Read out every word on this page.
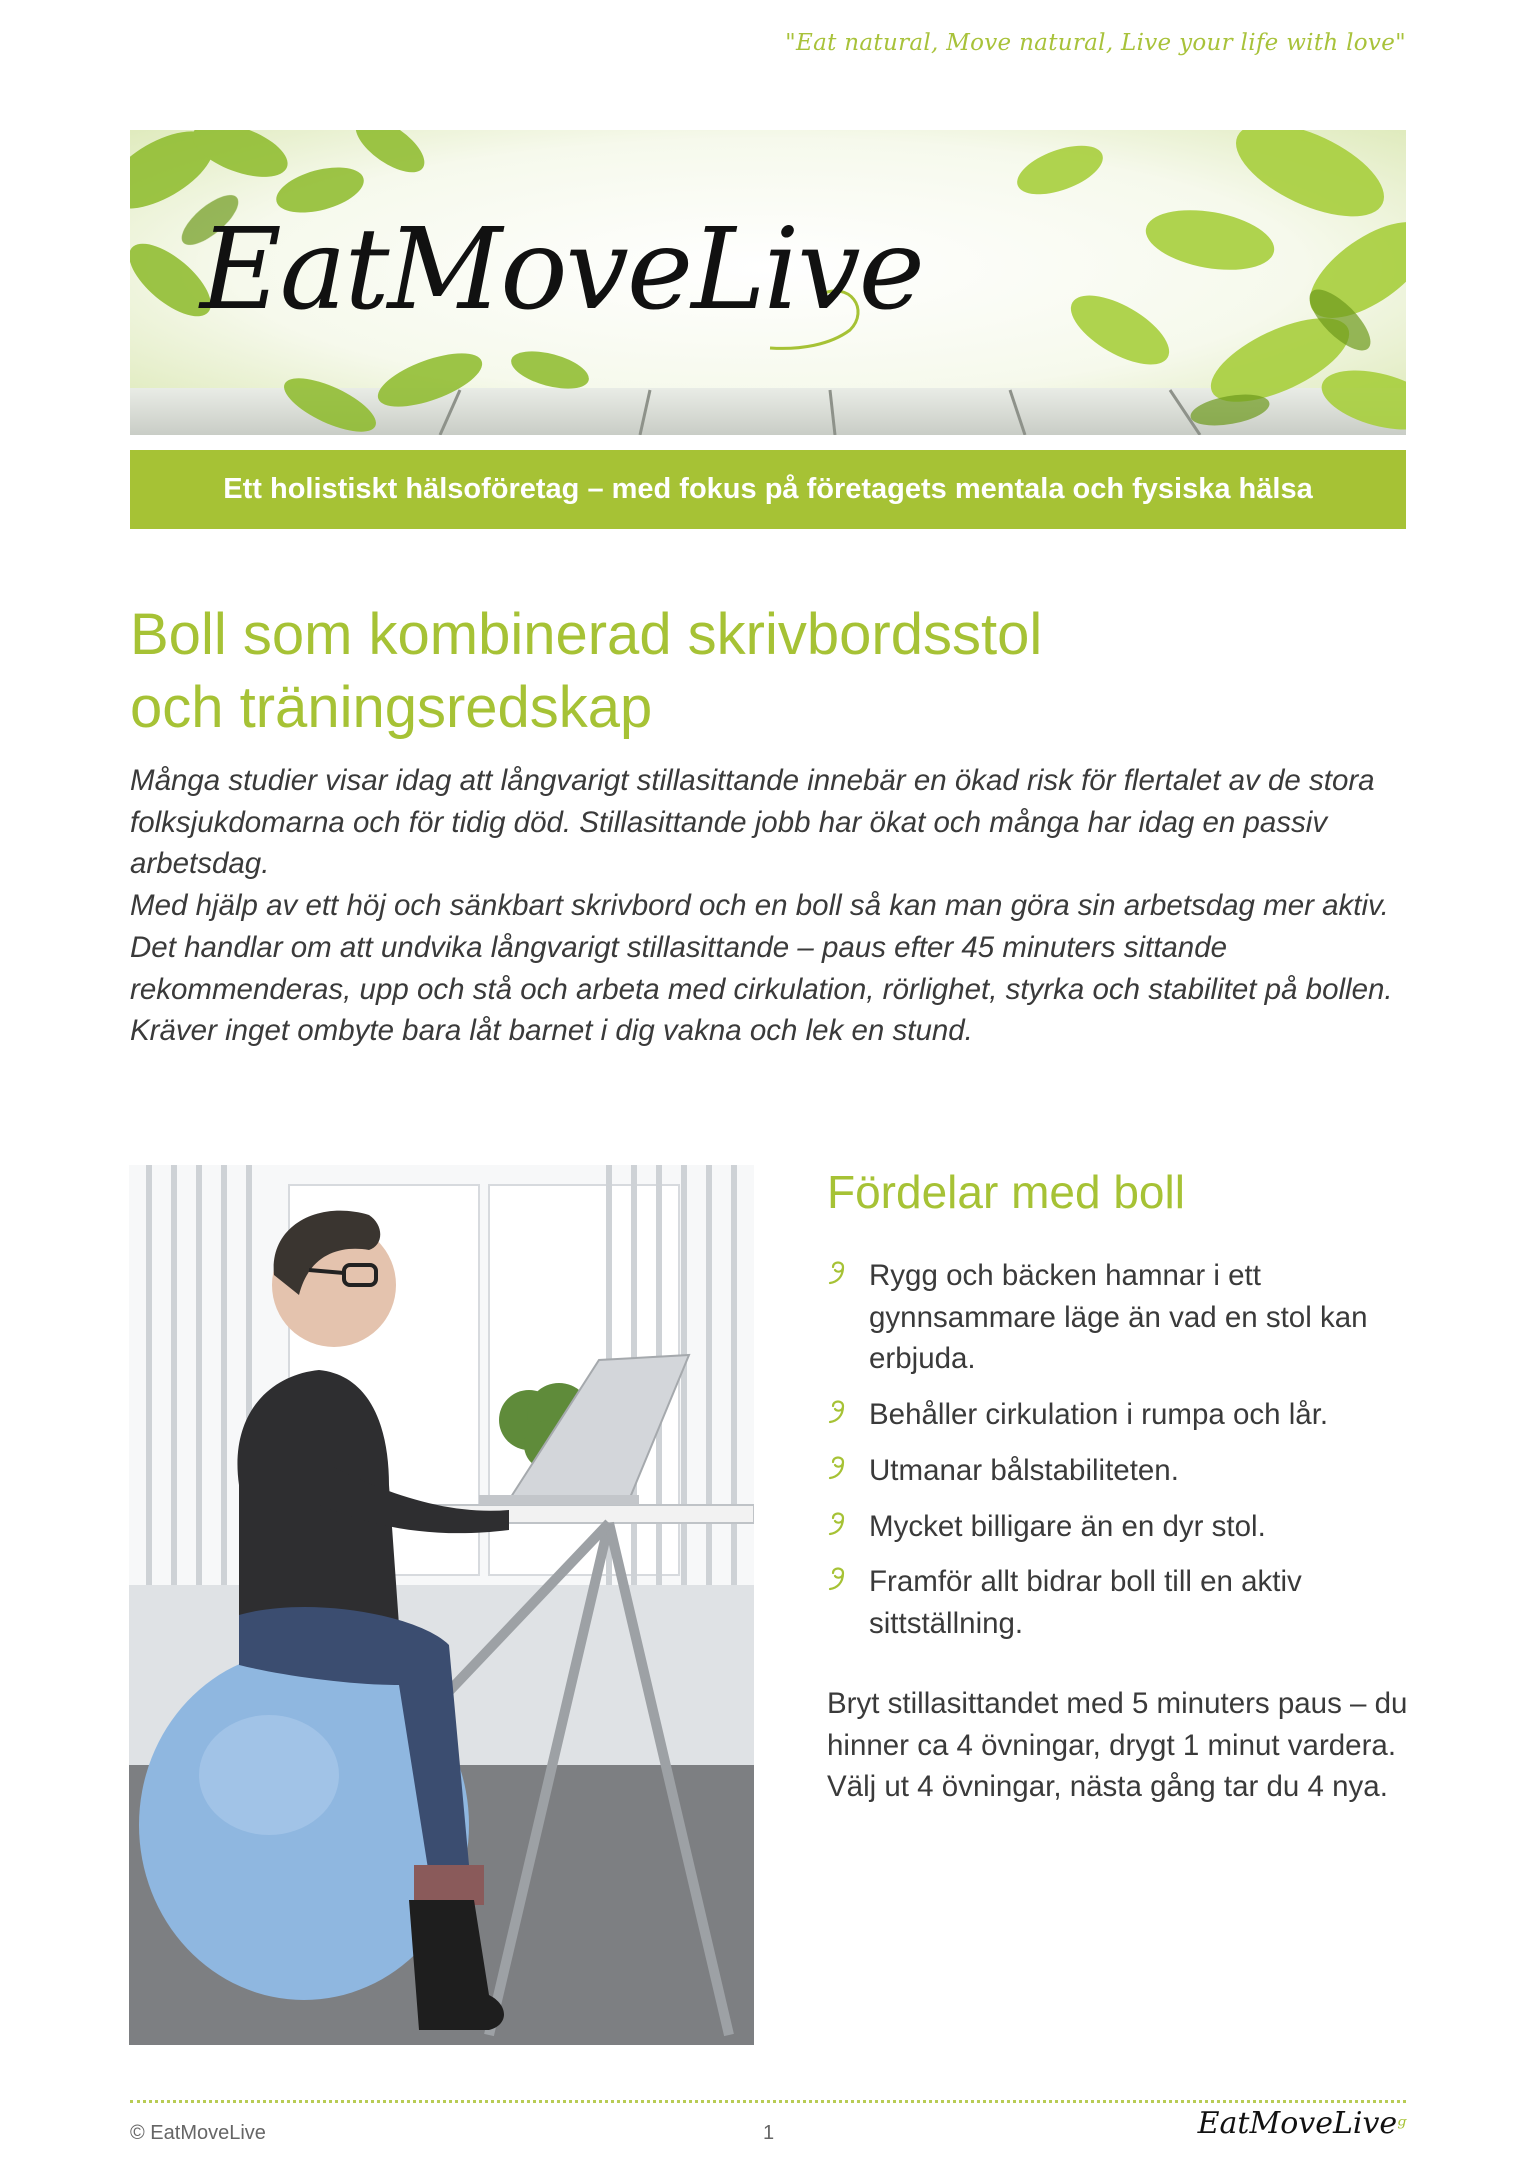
"Eat natural, Move natural, Live your life with love"
EatMoveLive
Ett holistiskt hälsoföretag – med fokus på företagets mentala och fysiska hälsa
Boll som kombinerad skrivbordsstol
och träningsredskap

Många studier visar idag att långvarigt stillasittande innebär en ökad risk för flertalet av de stora folksjukdomarna och för tidig död. Stillasittande jobb har ökat och många har idag en passiv arbetsdag.

Med hjälp av ett höj och sänkbart skrivbord och en boll så kan man göra sin arbetsdag mer aktiv. Det handlar om att undvika långvarigt stillasittande – paus efter 45 minuters sittande rekommenderas, upp och stå och arbeta med cirkulation, rörlighet, styrka och stabilitet på bollen. Kräver inget ombyte bara låt barnet i dig vakna och lek en stund.

Fördelar med boll
Rygg och bäcken hamnar i ett gynnsammare läge än vad en stol kan erbjuda.
Behåller cirkulation i rumpa och lår.
Utmanar bålstabiliteten.
Mycket billigare än en dyr stol.
Framför allt bidrar boll till en aktiv sittställning.

Bryt stillasittandet med 5 minuters paus – du hinner ca 4 övningar, drygt 1 minut vardera.

Välj ut 4 övningar, nästa gång tar du 4 nya.

© EatMoveLive	1	EatMoveLiveᵍ
